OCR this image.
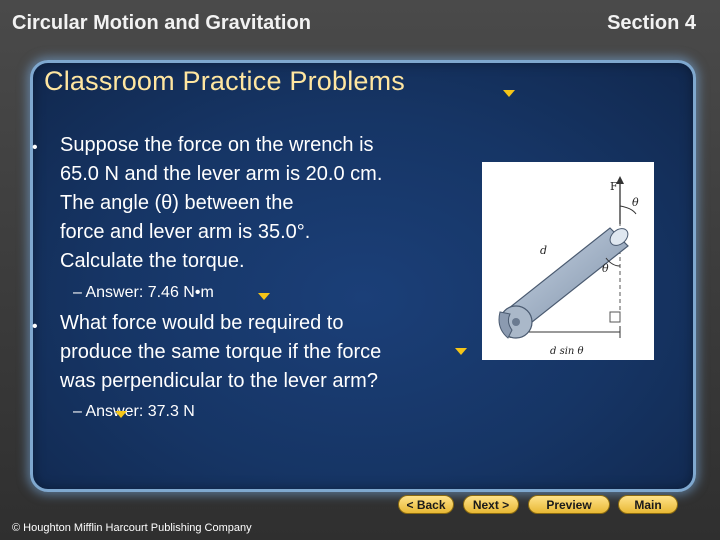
Circular Motion and Gravitation	Section 4
Classroom Practice Problems
• Suppose the force on the wrench is
65.0 N and the lever arm is 20.0 cm.
The angle (θ) between the
force and lever arm is 35.0°.
Calculate the torque.
– Answer: 7.46 N•m
• What force would be required to
produce the same torque if the force
was perpendicular to the lever arm?
– Answer: 37.3 N
F
θ
d
θ
d sin θ
© Houghton Mifflin Harcourt Publishing Company
< Back	Next >	Preview	Main
